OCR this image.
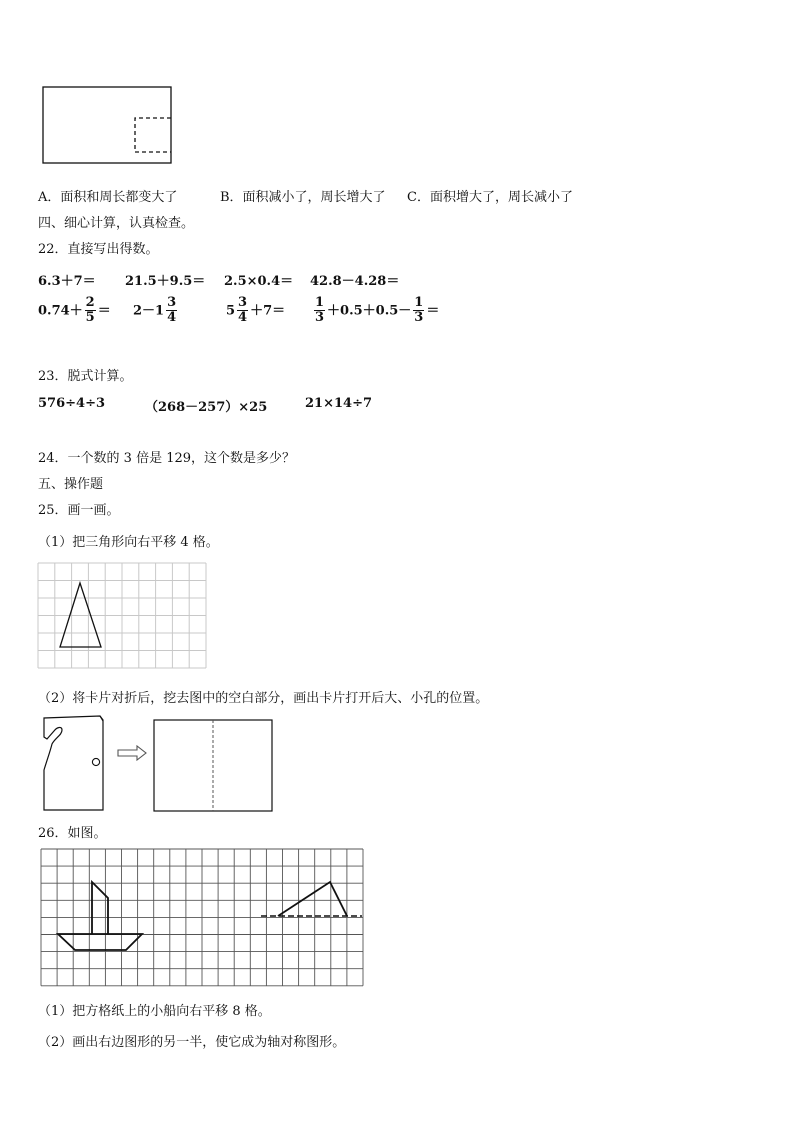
A．面积和周长都变大了	B．面积减小了，周长增大了 C．面积增大了，周长减小了
四、细心计算，认真检查。
22．直接写出得数。
6.3＋7＝ 21.5＋9.5＝ 2.5×0.4＝ 42.8－4.28＝
$0.74+ \frac{2}{5} = 2-1 \frac{3}{4}$	$5 \frac{3}{4} +7= \frac{1}{3} +0.5+0.5- \frac{1}{3}$ ＝
23．脱式计算。
576÷4÷3	（268－257）×25	21×14÷7
24．一个数的 3 倍是 129，这个数是多少？
五、操作题
25．画一画。
（1）把三角形向右平移 4 格。
（2）将卡片对折后，挖去图中的空白部分，画出卡片打开后大、小孔的位置。
26．如图。
（1）把方格纸上的小船向右平移 8 格。
（2）画出右边图形的另一半，使它成为轴对称图形。
